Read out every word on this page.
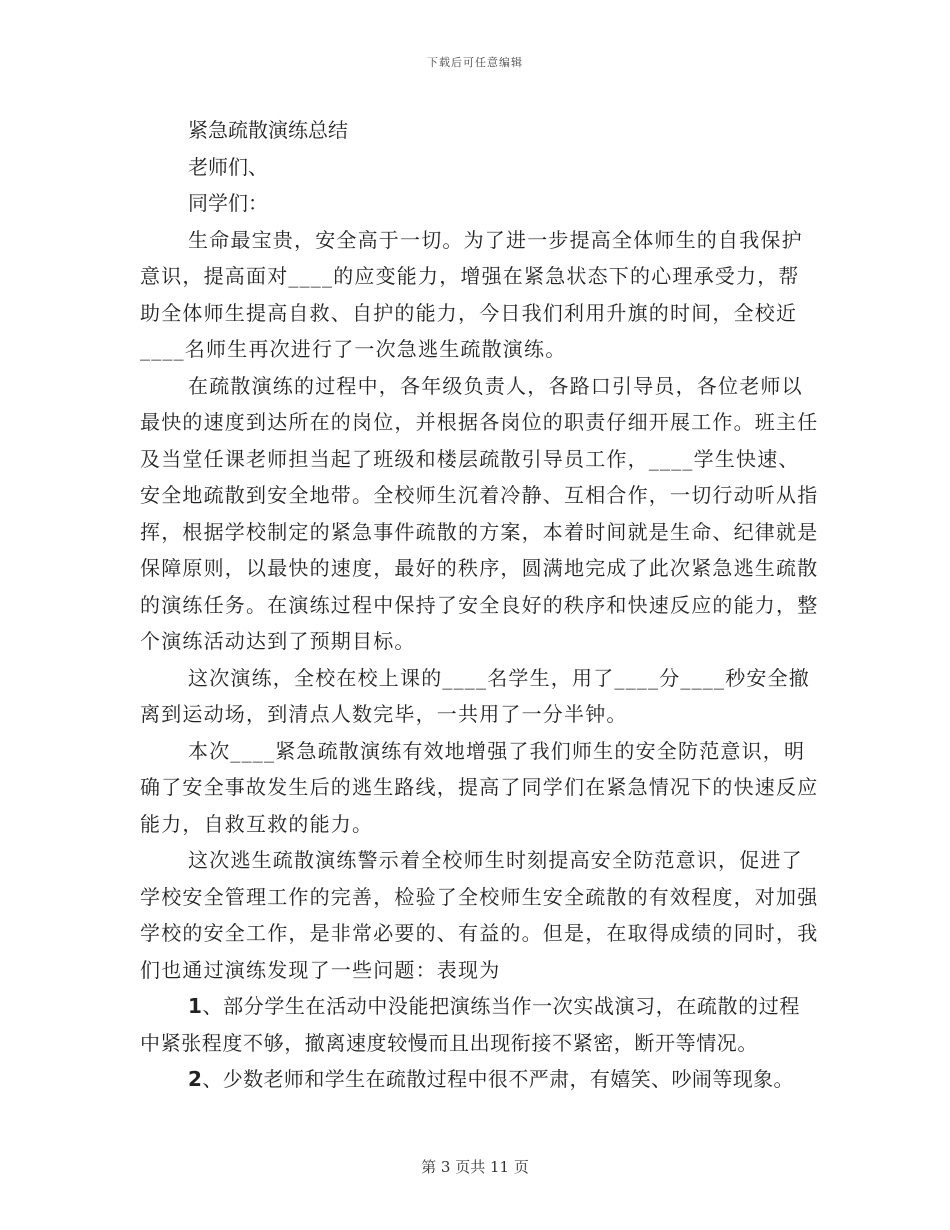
下载后可任意编辑

紧急疏散演练总结

老师们、

同学们：

生命最宝贵，安全高于一切。为了进一步提高全体师生的自我保护意识，提高面对____的应变能力，增强在紧急状态下的心理承受力，帮助全体师生提高自救、自护的能力，今日我们利用升旗的时间，全校近____名师生再次进行了一次急逃生疏散演练。

在疏散演练的过程中，各年级负责人，各路口引导员，各位老师以最快的速度到达所在的岗位，并根据各岗位的职责仔细开展工作。班主任及当堂任课老师担当起了班级和楼层疏散引导员工作，____学生快速、安全地疏散到安全地带。全校师生沉着冷静、互相合作，一切行动听从指挥，根据学校制定的紧急事件疏散的方案，本着时间就是生命、纪律就是保障原则，以最快的速度，最好的秩序，圆满地完成了此次紧急逃生疏散的演练任务。在演练过程中保持了安全良好的秩序和快速反应的能力，整个演练活动达到了预期目标。

这次演练，全校在校上课的____名学生，用了____分____秒安全撤离到运动场，到清点人数完毕，一共用了一分半钟。

本次____紧急疏散演练有效地增强了我们师生的安全防范意识，明确了安全事故发生后的逃生路线，提高了同学们在紧急情况下的快速反应能力，自救互救的能力。

这次逃生疏散演练警示着全校师生时刻提高安全防范意识，促进了学校安全管理工作的完善，检验了全校师生安全疏散的有效程度，对加强学校的安全工作，是非常必要的、有益的。但是，在取得成绩的同时，我们也通过演练发现了一些问题：表现为

1、部分学生在活动中没能把演练当作一次实战演习，在疏散的过程中紧张程度不够，撤离速度较慢而且出现衔接不紧密，断开等情况。

2、少数老师和学生在疏散过程中很不严肃，有嬉笑、吵闹等现象。

第 3 页共 11 页
